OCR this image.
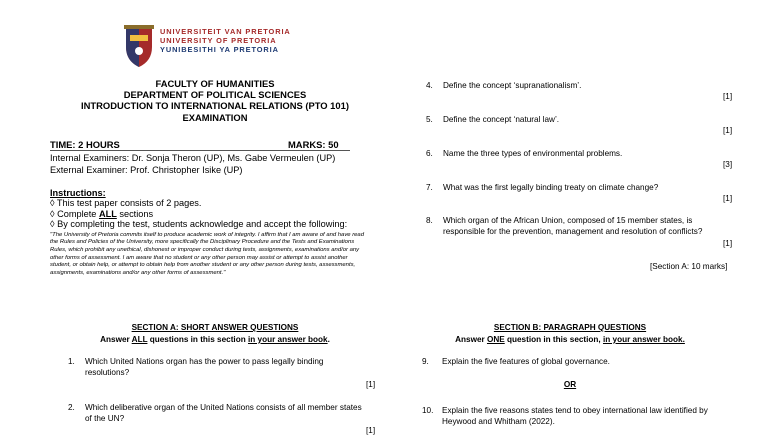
UNIVERSITEIT VAN PRETORIA
UNIVERSITY OF PRETORIA
YUNIBESITHI YA PRETORIA
FACULTY OF HUMANITIES
DEPARTMENT OF POLITICAL SCIENCES
INTRODUCTION TO INTERNATIONAL RELATIONS (PTO 101)
EXAMINATION
TIME: 2 HOURS	MARKS: 50
Internal Examiners: Dr. Sonja Theron (UP), Ms. Gabe Vermeulen (UP)
External Examiner: Prof. Christopher Isike (UP)
Instructions:
◊ This test paper consists of 2 pages.
◊ Complete ALL sections
◊ By completing the test, students acknowledge and accept the following:
"The University of Pretoria commits itself to produce academic work of integrity. I affirm that I am aware of and have read the Rules and Policies of the University, more specifically the Disciplinary Procedure and the Tests and Examinations Rules, which prohibit any unethical, dishonest or improper conduct during tests, assignments, examinations and/or any other forms of assessment. I am aware that no student or any other person may assist or attempt to assist another student, or obtain help, or attempt to obtain help from another student or any other person during tests, assessments, assignments, examinations and/or any other forms of assessment."
SECTION A: SHORT ANSWER QUESTIONS
Answer ALL questions in this section in your answer book.
1. Which United Nations organ has the power to pass legally binding resolutions?
[1]
2. Which deliberative organ of the United Nations consists of all member states of the UN?
[1]
4. Define the concept ‘supranationalism’.
[1]
5. Define the concept ‘natural law’.
[1]
6. Name the three types of environmental problems.
[3]
7. What was the first legally binding treaty on climate change?
[1]
8. Which organ of the African Union, composed of 15 member states, is responsible for the prevention, management and resolution of conflicts?
[1]
[Section A: 10 marks]
SECTION B: PARAGRAPH QUESTIONS
Answer ONE question in this section, in your answer book.
9. Explain the five features of global governance.
OR
10. Explain the five reasons states tend to obey international law identified by Heywood and Whitham (2022).
